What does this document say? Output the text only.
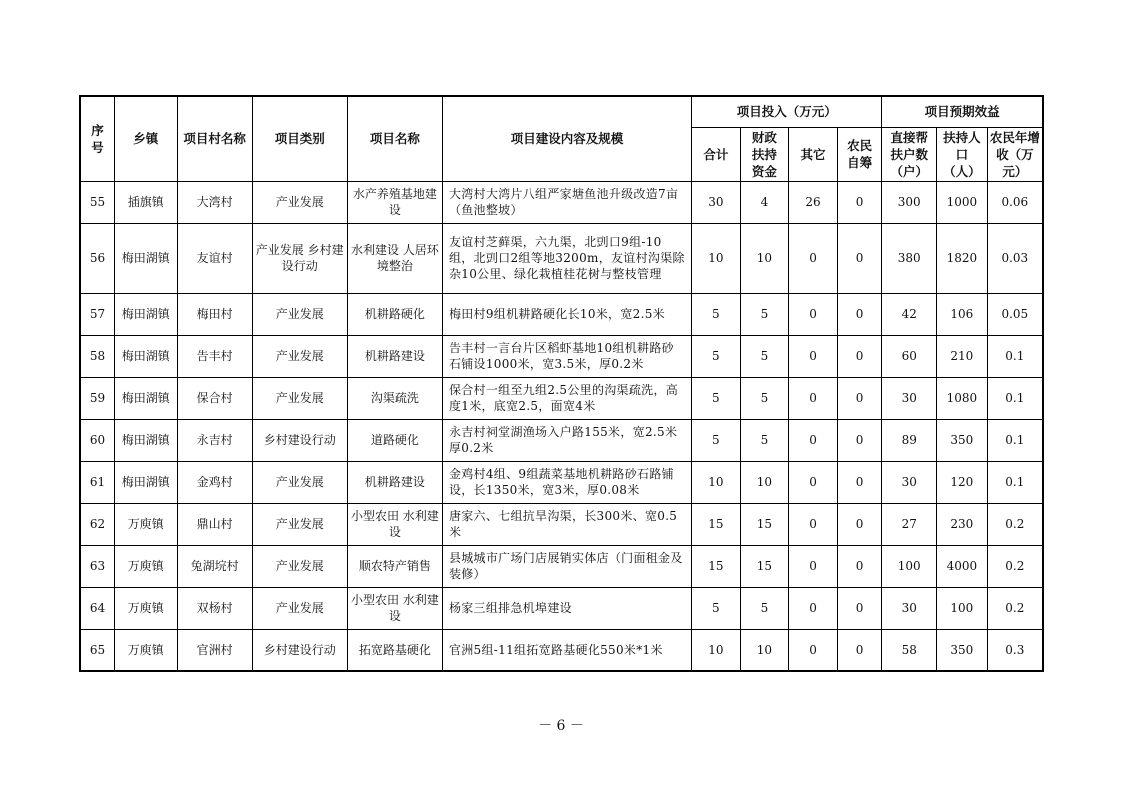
序号	乡镇	项目村名称	项目类别	项目名称	项目建设内容及规模	项目投入（万元）				项目预期效益		
						合计	财政扶持资金	其它	农民自筹	直接帮扶户数（户）	扶持人口（人）	农民年增收（万元）
55	插旗镇	大湾村	产业发展	水产养殖基地建设	大湾村大湾片八组严家塘鱼池升级改造7亩（鱼池整坡）	30	4	26	0	300	1000	0.06
56	梅田湖镇	友谊村	产业发展 乡村建设行动	水利建设 人居环境整治	友谊村芝藓渠，六九渠，北剅口9组-10组，北剅口2组等地3200m，友谊村沟渠除杂10公里、绿化栽植桂花树与整枝管理	10	10	0	0	380	1820	0.03
57	梅田湖镇	梅田村	产业发展	机耕路硬化	梅田村9组机耕路硬化长10米，宽2.5米	5	5	0	0	42	106	0.05
58	梅田湖镇	告丰村	产业发展	机耕路建设	告丰村一言台片区稻虾基地10组机耕路砂石铺设1000米，宽3.5米，厚0.2米	5	5	0	0	60	210	0.1
59	梅田湖镇	保合村	产业发展	沟渠疏洗	保合村一组至九组2.5公里的沟渠疏洗，高度1米，底宽2.5，面宽4米	5	5	0	0	30	1080	0.1
60	梅田湖镇	永吉村	乡村建设行动	道路硬化	永吉村祠堂湖渔场入户路155米，宽2.5米厚0.2米	5	5	0	0	89	350	0.1
61	梅田湖镇	金鸡村	产业发展	机耕路建设	金鸡村4组、9组蔬菜基地机耕路砂石路铺设，长1350米，宽3米，厚0.08米	10	10	0	0	30	120	0.1
62	万庾镇	鼎山村	产业发展	小型农田 水利建设	唐家六、七组抗旱沟渠，长300米、宽0.5米	15	15	0	0	27	230	0.2
63	万庾镇	兔湖垸村	产业发展	顺农特产销售	县城城市广场门店展销实体店（门面租金及装修）	15	15	0	0	100	4000	0.2
64	万庾镇	双杨村	产业发展	小型农田 水利建设	杨家三组排急机埠建设	5	5	0	0	30	100	0.2
65	万庾镇	官洲村	乡村建设行动	拓宽路基硬化	官洲5组-11组拓宽路基硬化550米*1米	10	10	0	0	58	350	0.3
－ 6 －
